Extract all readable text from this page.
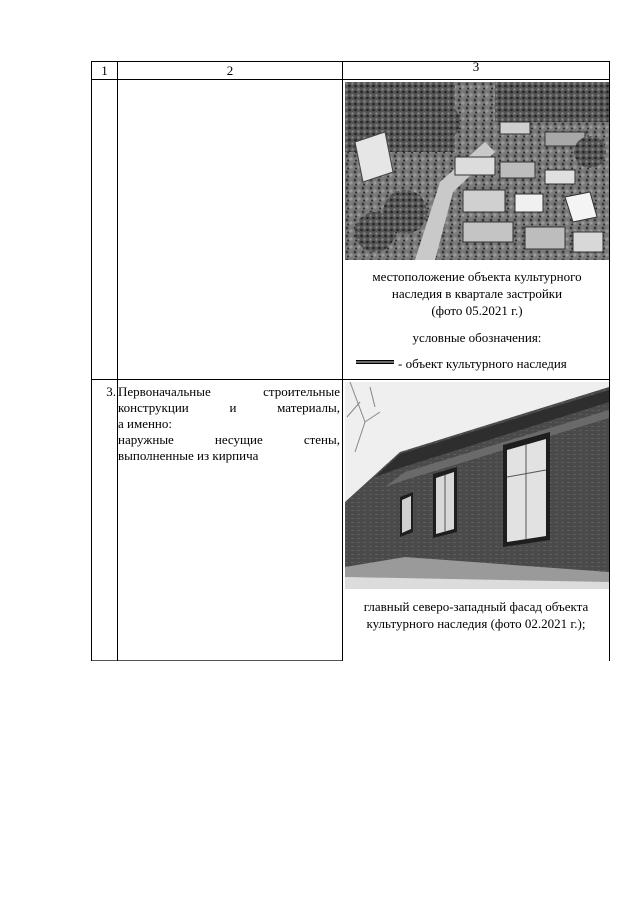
1	2	3
местоположение объекта культурного
наследия в квартале застройки
(фото 05.2021 г.)
условные обозначения:
- объект культурного наследия
3. Первоначальные строительные
конструкции и материалы,
а именно:
наружные несущие стены,
выполненные из кирпича
главный северо-западный фасад объекта
культурного наследия (фото 02.2021 г.);
